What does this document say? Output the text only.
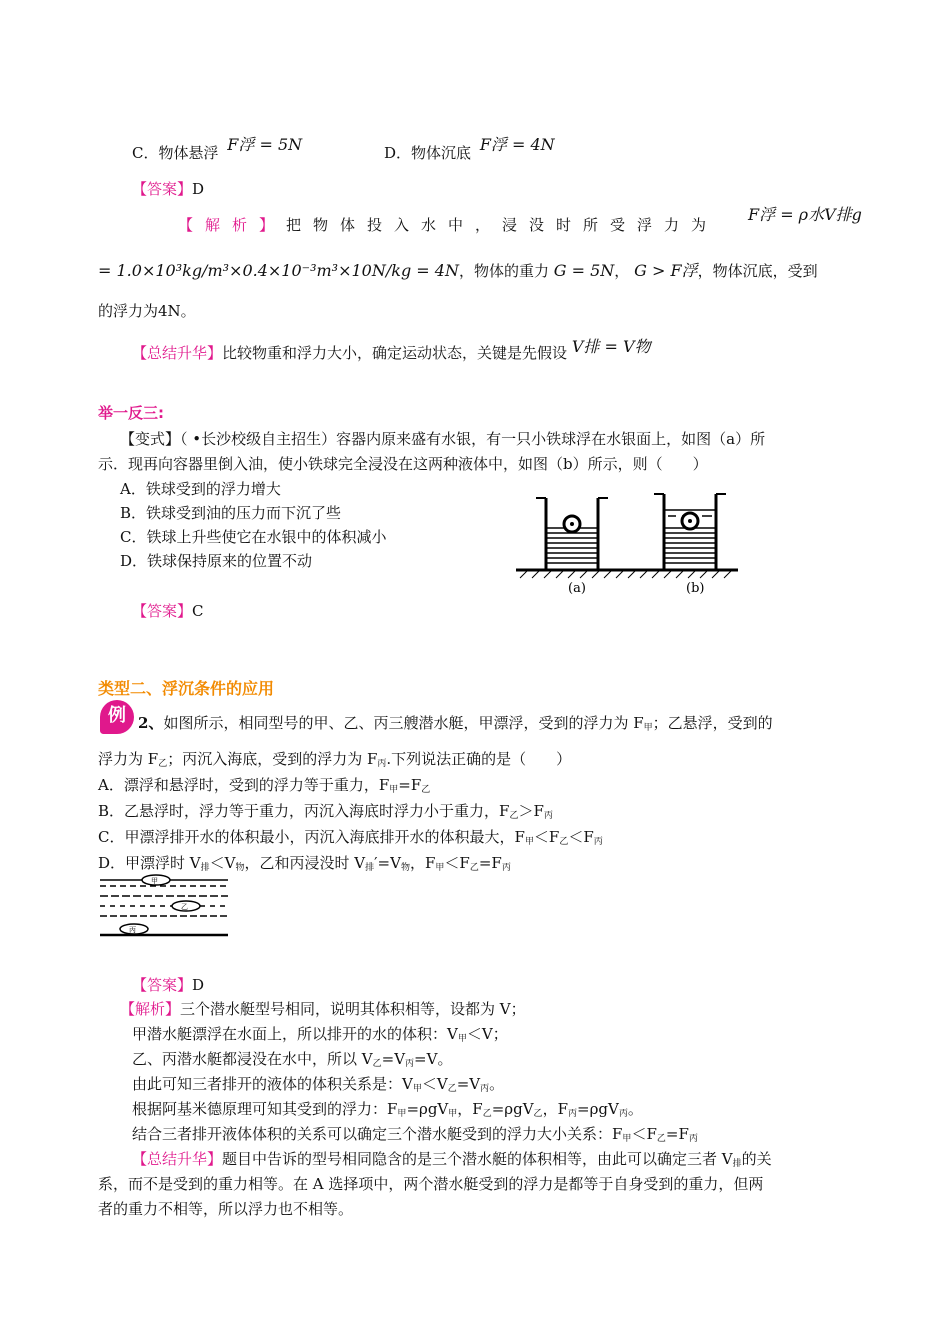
C．物体悬浮 F浮 = 5N	D．物体沉底 F浮 = 4N
【答案】D
【解析】把物体投入水中，浸没时所受浮力为
F浮 = ρ水V排g
= 1.0×10³kg/m³×0.4×10⁻³m³×10N/kg = 4N，物体的重力 G = 5N， G > F浮，物体沉底，受到
的浮力为4N。
【总结升华】比较物重和浮力大小，确定运动状态，关键是先假设 V排 = V物
举一反三:
【变式】（ •长沙校级自主招生）容器内原来盛有水银，有一只小铁球浮在水银面上，如图（a）所
示．现再向容器里倒入油，使小铁球完全浸没在这两种液体中，如图（b）所示，则（　　）
A．铁球受到的浮力增大
B．铁球受到油的压力而下沉了些
C．铁球上升些使它在水银中的体积减小
D．铁球保持原来的位置不动
(a)	(b)
【答案】C
类型二、浮沉条件的应用
例 2、如图所示，相同型号的甲、乙、丙三艘潜水艇，甲漂浮，受到的浮力为 $F_甲$；乙悬浮，受到的
浮力为 $F_乙$；丙沉入海底，受到的浮力为 $F_丙$.下列说法正确的是（　　）
A．漂浮和悬浮时，受到的浮力等于重力，$F_甲=F_乙$
B．乙悬浮时，浮力等于重力，丙沉入海底时浮力小于重力，$F_乙>F_丙$
C．甲漂浮排开水的体积最小，丙沉入海底排开水的体积最大，$F_甲<F_乙<F_丙$
D．甲漂浮时 $V_排<V_物$，乙和丙浸没时 $V_排'=V_物$，$F_甲<F_乙=F_丙$
甲
乙
丙
【答案】D
【解析】三个潜水艇型号相同，说明其体积相等，设都为 V；
甲潜水艇漂浮在水面上，所以排开的水的体积：$V_甲<V$；
乙、丙潜水艇都浸没在水中，所以 $V_乙=V_丙=V$。
由此可知三者排开的液体的体积关系是：$V_甲<V_乙=V_丙$。
根据阿基米德原理可知其受到的浮力：$F_甲=\rho gV_甲$，$F_乙=\rho gV_乙$，$F_丙=\rho gV_丙$。
结合三者排开液体体积的关系可以确定三个潜水艇受到的浮力大小关系：$F_甲<F_乙=F_丙$
【总结升华】题目中告诉的型号相同隐含的是三个潜水艇的体积相等，由此可以确定三者 $V_排$的关
系，而不是受到的重力相等。在 A 选择项中，两个潜水艇受到的浮力是都等于自身受到的重力，但两
者的重力不相等，所以浮力也不相等。
